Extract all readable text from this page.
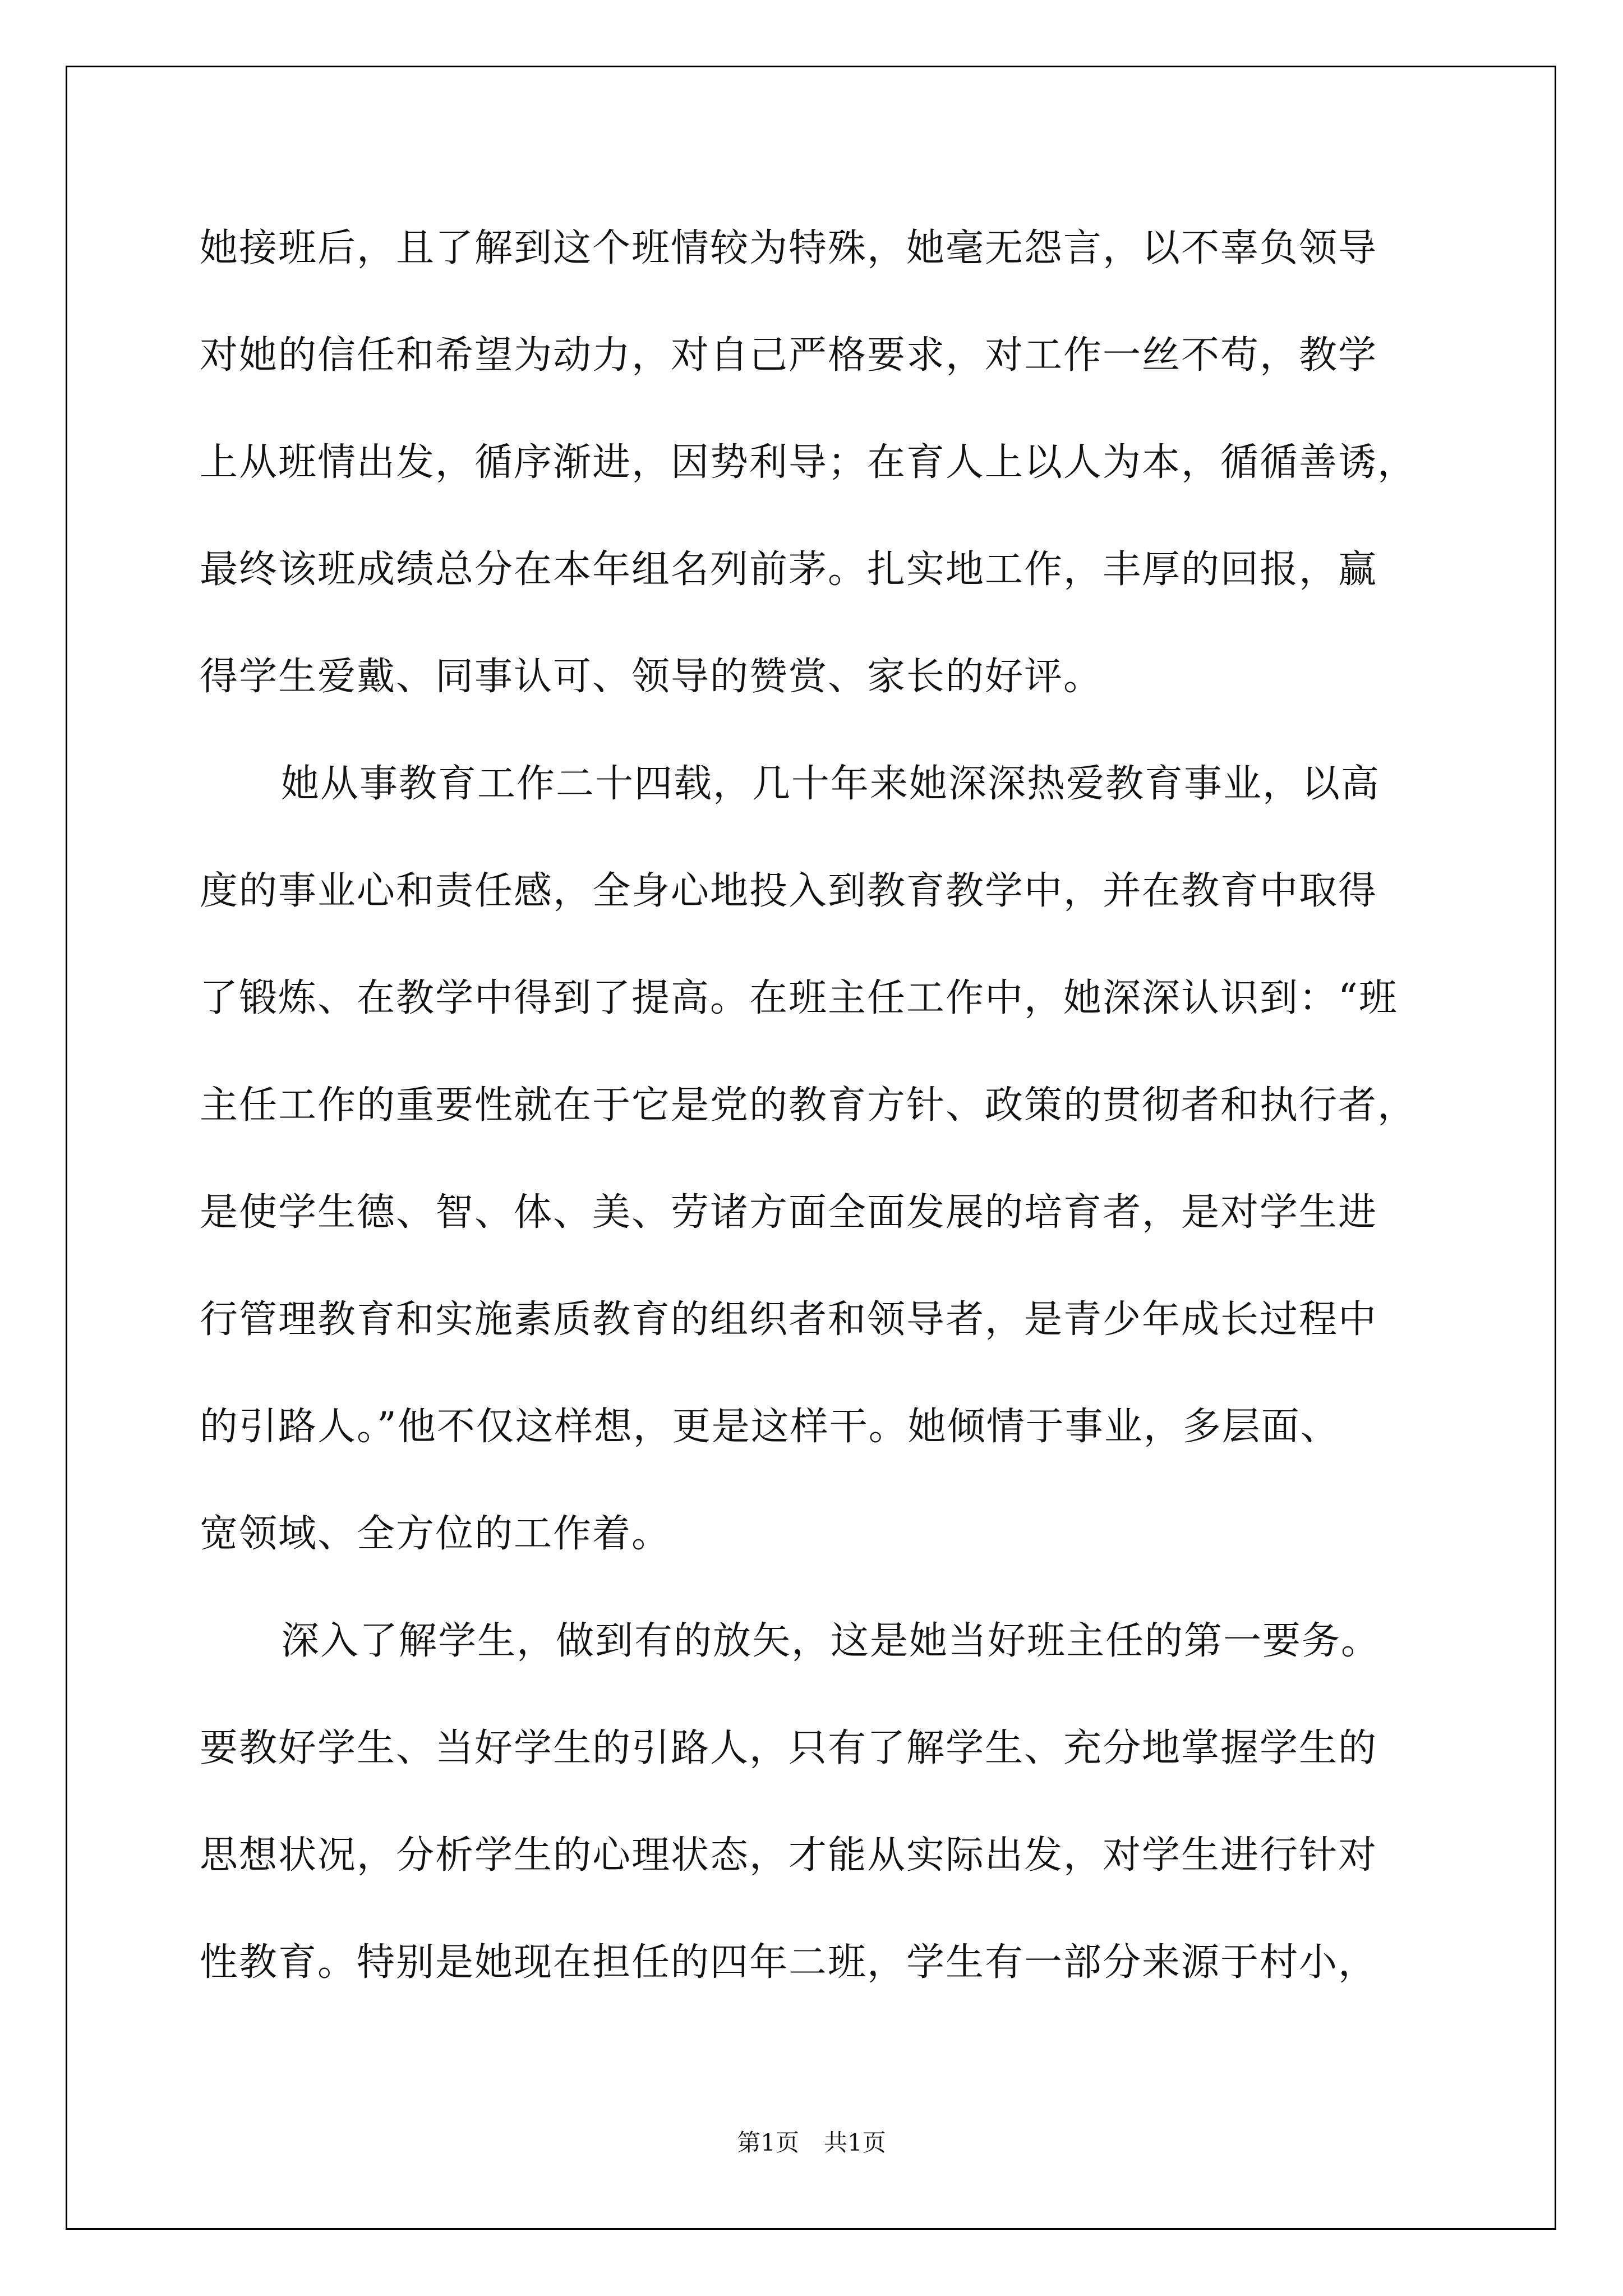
她接班后，且了解到这个班情较为特殊，她毫无怨言，以不辜负领导
对她的信任和希望为动力，对自己严格要求，对工作一丝不苟，教学
上从班情出发，循序渐进，因势利导；在育人上以人为本，循循善诱，
最终该班成绩总分在本年组名列前茅。扎实地工作，丰厚的回报，赢
得学生爱戴、同事认可、领导的赞赏、家长的好评。
她从事教育工作二十四载，几十年来她深深热爱教育事业，以高
度的事业心和责任感，全身心地投入到教育教学中，并在教育中取得
了锻炼、在教学中得到了提高。在班主任工作中，她深深认识到：“班
主任工作的重要性就在于它是党的教育方针、政策的贯彻者和执行者，
是使学生德、智、体、美、劳诸方面全面发展的培育者，是对学生进
行管理教育和实施素质教育的组织者和领导者，是青少年成长过程中
的引路人。”他不仅这样想，更是这样干。她倾情于事业，多层面、
宽领域、全方位的工作着。
深入了解学生，做到有的放矢，这是她当好班主任的第一要务。
要教好学生、当好学生的引路人，只有了解学生、充分地掌握学生的
思想状况，分析学生的心理状态，才能从实际出发，对学生进行针对
性教育。特别是她现在担任的四年二班，学生有一部分来源于村小，
第1页 共1页
